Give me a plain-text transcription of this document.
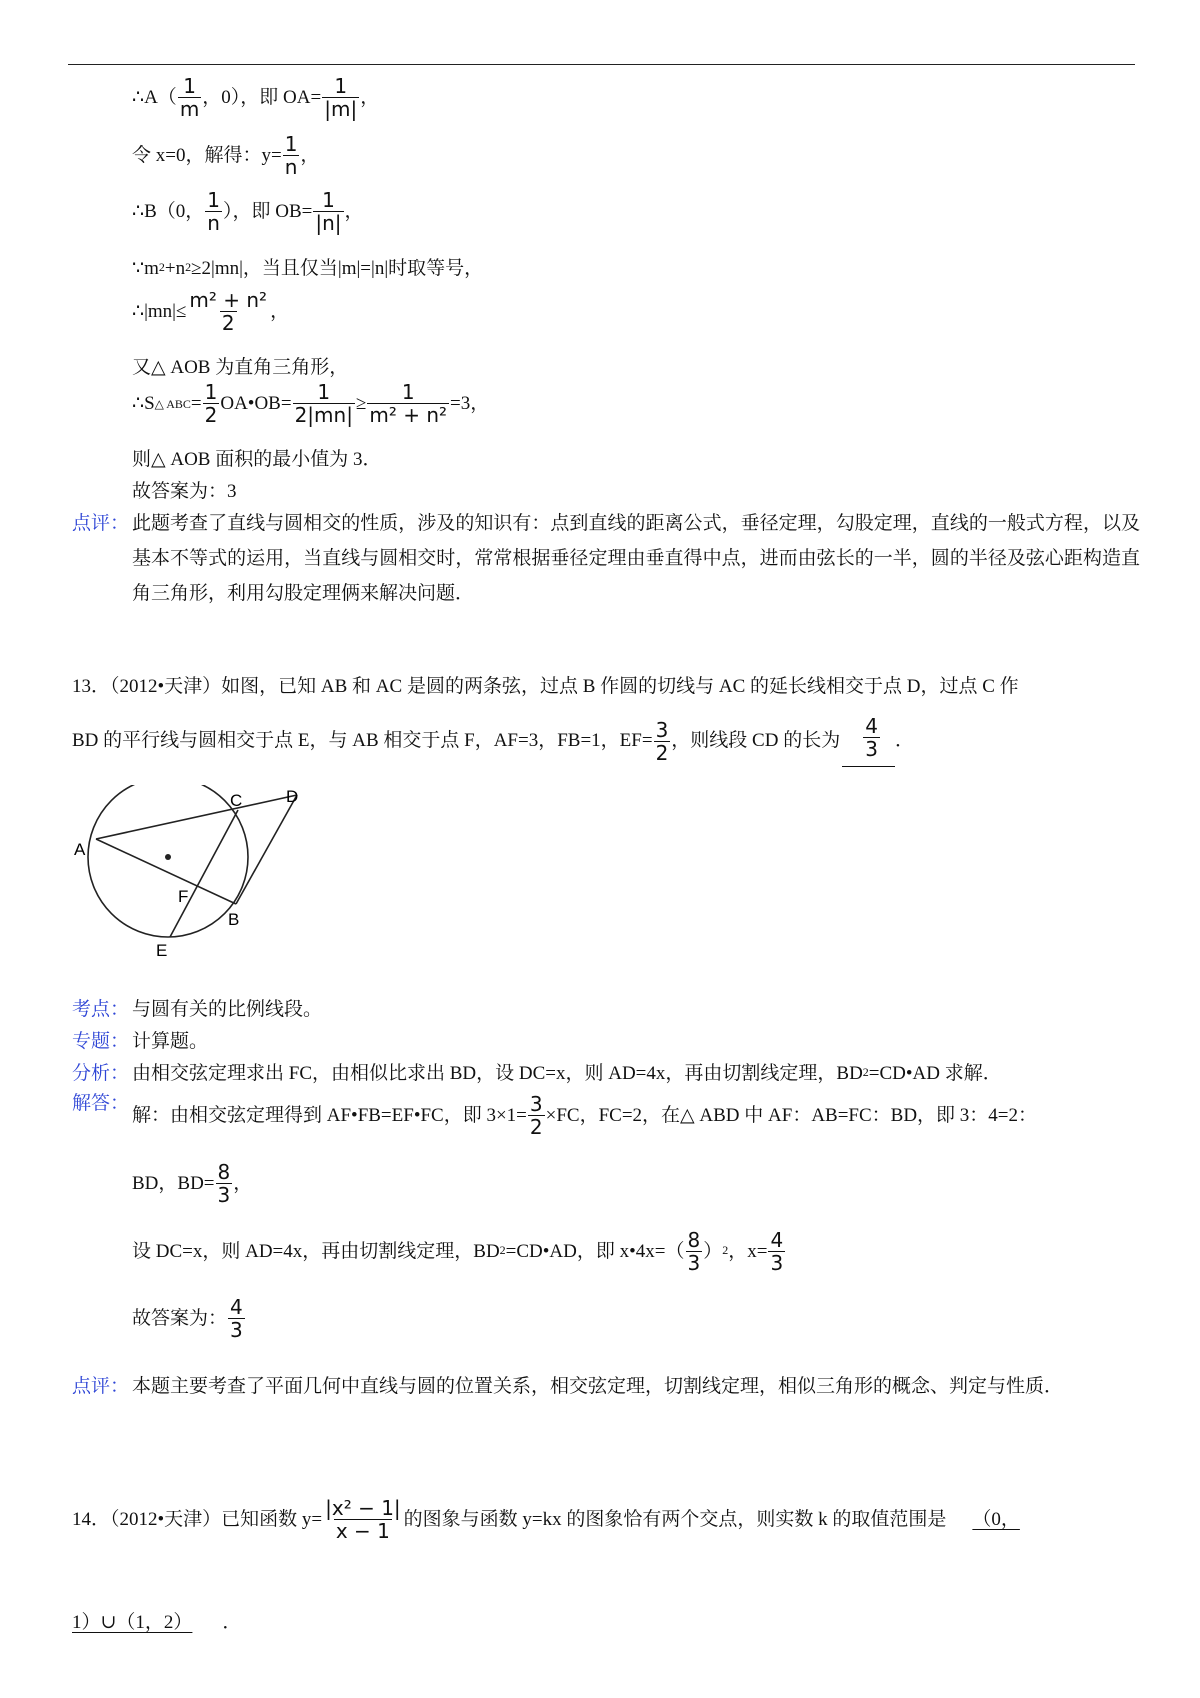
∴A（ 1
m ，0），即 $OA= \frac{1}{|m|}$ ，
令 x=0，解得：$y= \frac{1}{n}$ ，
∴B（0， 1
n ），即 $OB= \frac{1}{|n|}$ ，
$\because m^2 +n^2 \ge 2|mn|$，当且仅当|m|=|n|时取等号，
∴|mn|≤ $\frac{\text{m² + n²}}{2}$ ，
又△ AOB 为直角三角形，
∴S △ ABC = $\frac{1}{2}$ OA•OB= $\frac{1}{2|mn|} \ge \frac{1}{\text{m² + n²}} =3$，
则△ AOB 面积的最小值为 3．
故答案为：3
点评： 此题考查了直线与圆相交的性质，涉及的知识有：点到直线的距离公式，垂径定理，勾股定理，直线的一般式方程，以及基本不等式的运用，当直线与圆相交时，常常根据垂径定理由垂直得中点，进而由弦长的一半，圆的半径及弦心距构造直角三角形，利用勾股定理俩来解决问题．
13．（2012•天津）如图，已知 AB 和 AC 是圆的两条弦，过点 B 作圆的切线与 AC 的延长线相交于点 D，过点 C 作
BD 的平行线与圆相交于点 E，与 AB 相交于点 F，AF=3，FB=1，$EF= \frac{3}{2}$ ，则线段 CD 的长为
4
3 ．
A
B
C	D
E
F
考点： 与圆有关的比例线段。
专题： 计算题。
分析： 由相交弦定理求出 FC，由相似比求出 BD，设 DC=x，则 AD=4x，再由切割线定理，$BD^2$ =CD•AD 求解．
解答：
解：由相交弦定理得到 AF•FB=EF•FC，即 $3\times 1= \frac{3}{2} \times FC$，FC=2，在△ ABD 中 AF：AB=FC：BD，即 3：4=2：
BD，$BD= \frac{8}{3}$ ，
设 DC=x，则 AD=4x，再由切割线定理，$BD^2$ =CD•AD，即 x•4x=（ 8
3 ）$^2$ ，$x= \frac{4}{3}$
故答案为： 4
3
点评： 本题主要考查了平面几何中直线与圆的位置关系，相交弦定理，切割线定理，相似三角形的概念、判定与性质．
14．（2012•天津）已知函数 $y= \frac{\text{|x² − 1|}}{x - 1}$ 的图象与函数 y=kx 的图象恰有两个交点，则实数 k 的取值范围是	（0，
1）∪（1，2）	．
